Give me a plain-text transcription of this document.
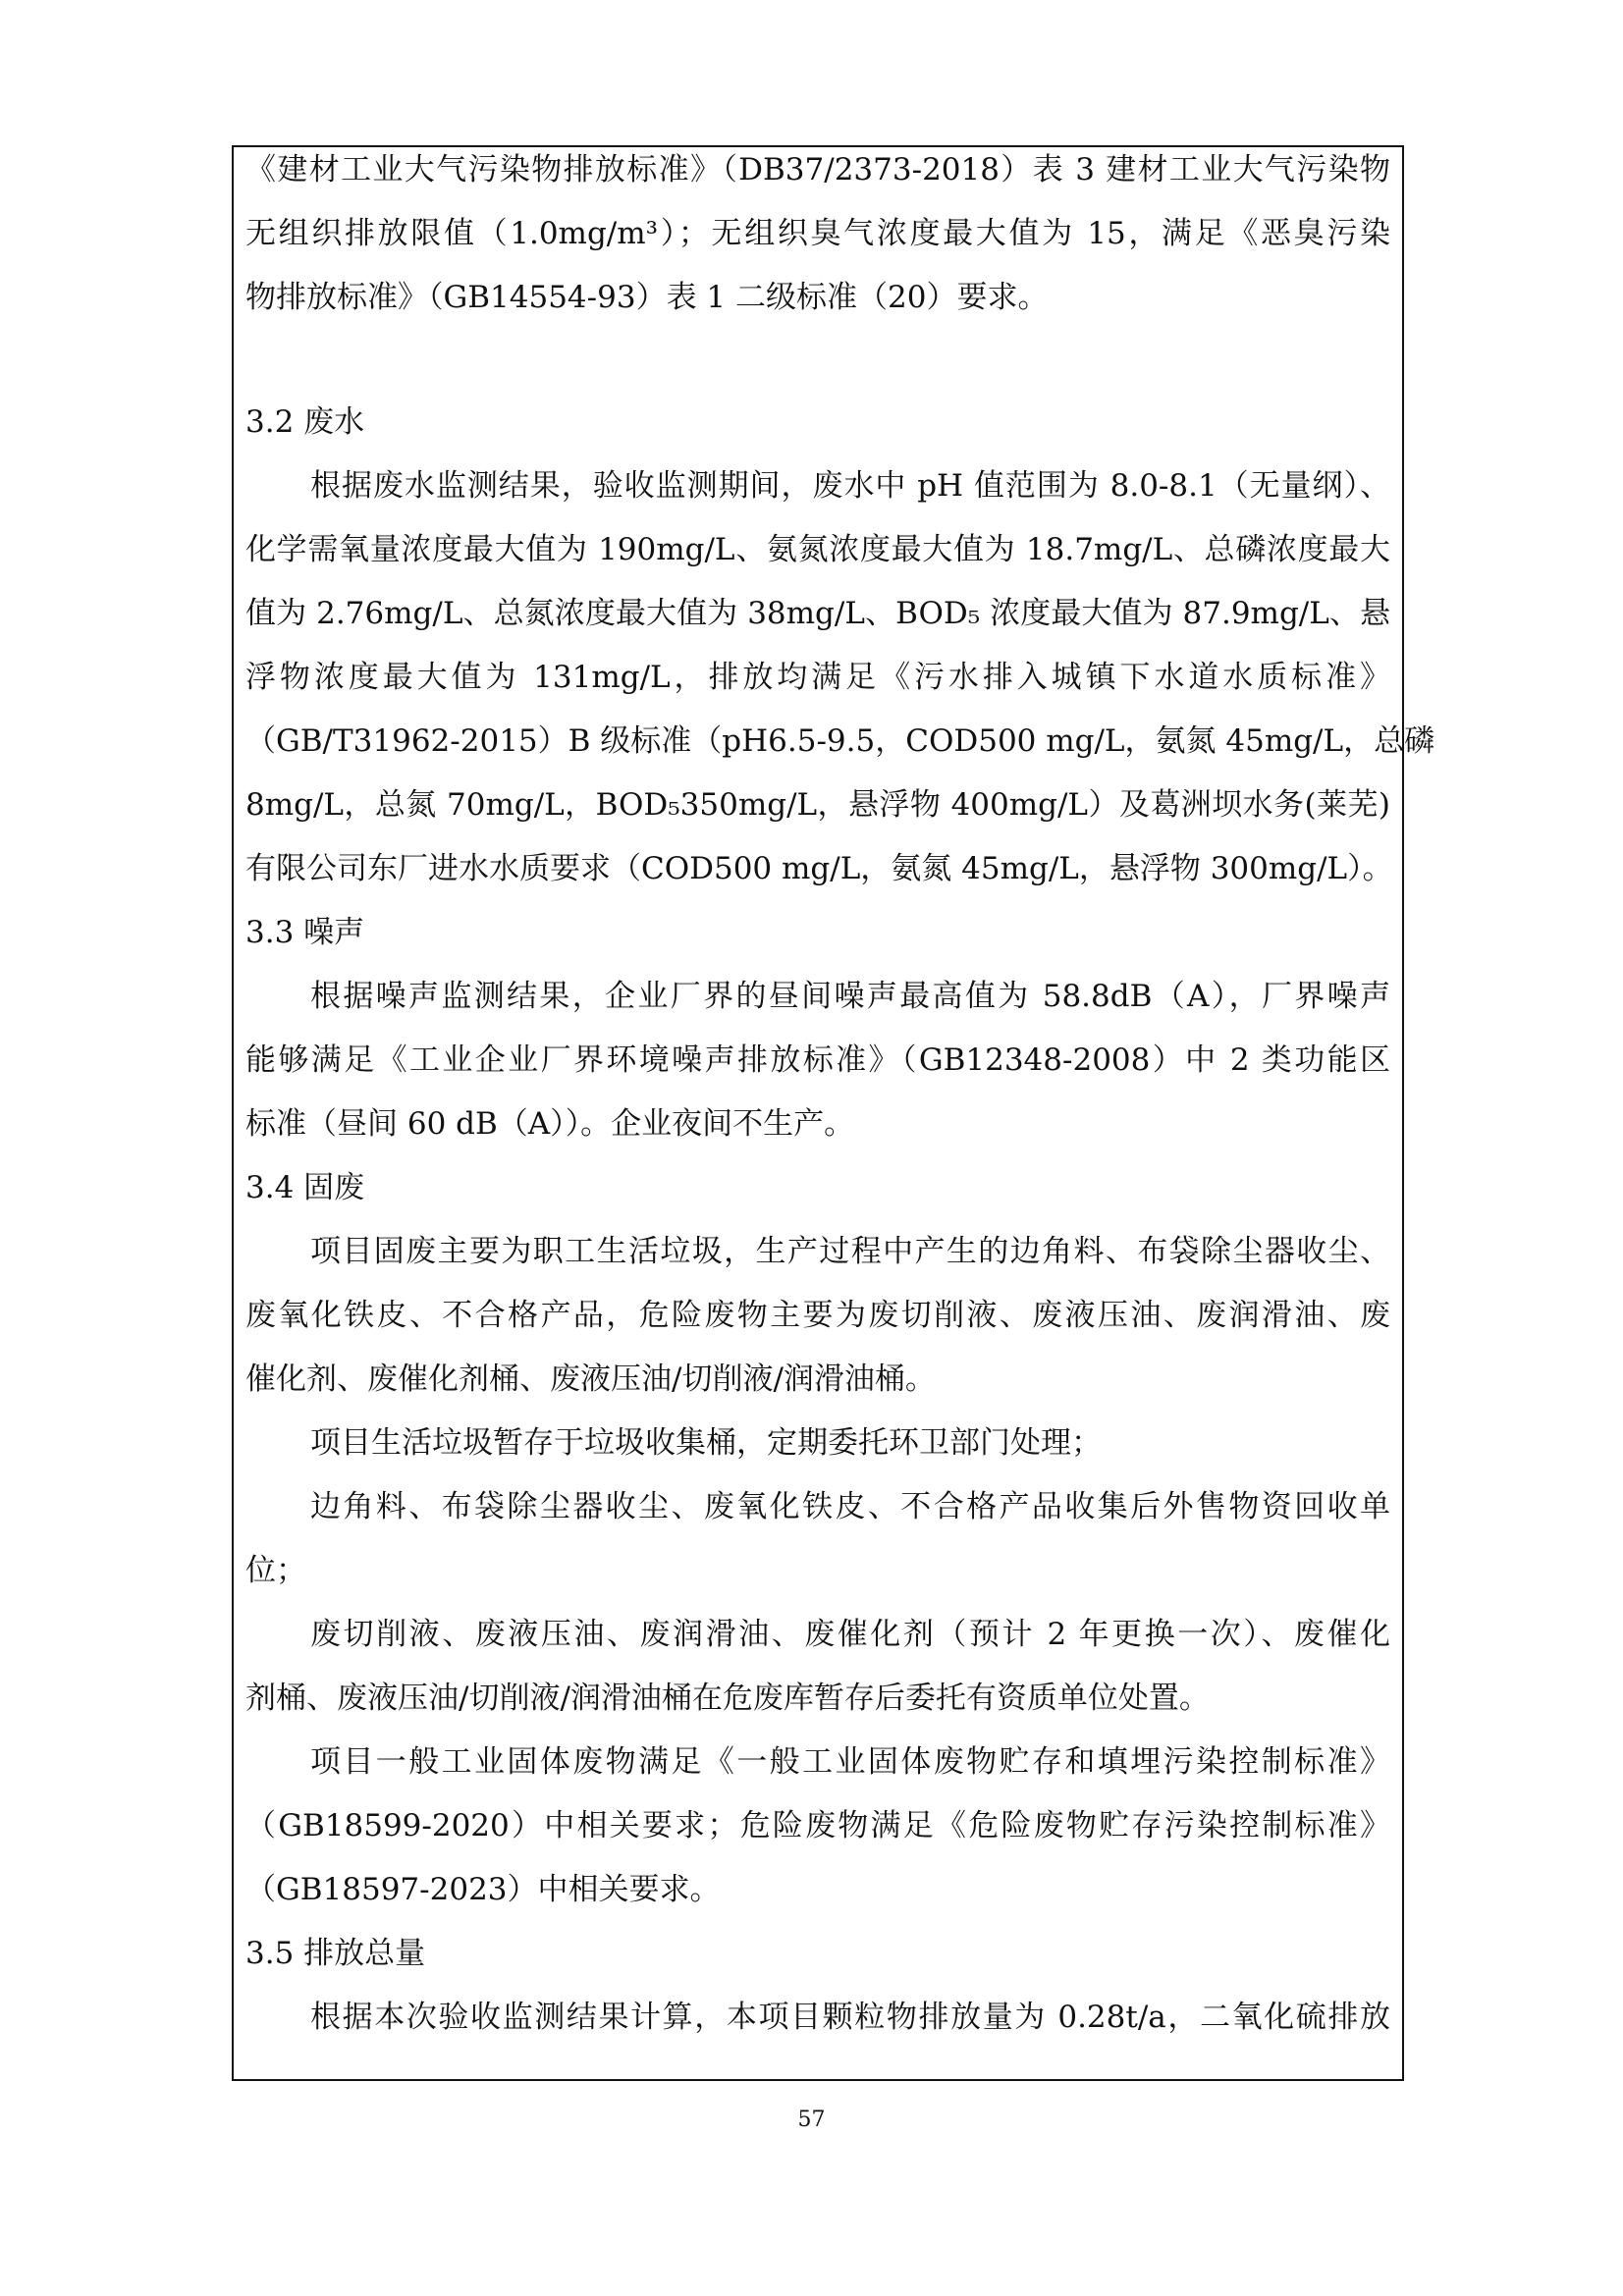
《建材工业大气污染物排放标准》（DB37/2373-2018）表 3 建材工业大气污染物
无组织排放限值（1.0mg/m³）；无组织臭气浓度最大值为 15，满足《恶臭污染
物排放标准》（GB14554-93）表 1 二级标准（20）要求。
3.2 废水
根据废水监测结果，验收监测期间，废水中 pH 值范围为 8.0-8.1（无量纲）、
化学需氧量浓度最大值为 190mg/L、氨氮浓度最大值为 18.7mg/L、总磷浓度最大
值为 2.76mg/L、总氮浓度最大值为 38mg/L、BOD₅ 浓度最大值为 87.9mg/L、悬
浮物浓度最大值为 131mg/L，排放均满足《污水排入城镇下水道水质标准》
（GB/T31962-2015）B 级标准（pH6.5-9.5，COD500 mg/L，氨氮 45mg/L，总磷
8mg/L，总氮 70mg/L，BOD₅350mg/L，悬浮物 400mg/L）及葛洲坝水务(莱芜)
有限公司东厂进水水质要求（COD500 mg/L，氨氮 45mg/L，悬浮物 300mg/L）。
3.3 噪声
根据噪声监测结果，企业厂界的昼间噪声最高值为 58.8dB（A），厂界噪声
能够满足《工业企业厂界环境噪声排放标准》（GB12348-2008）中 2 类功能区
标准（昼间 60 dB（A））。企业夜间不生产。
3.4 固废
项目固废主要为职工生活垃圾，生产过程中产生的边角料、布袋除尘器收尘、
废氧化铁皮、不合格产品，危险废物主要为废切削液、废液压油、废润滑油、废
催化剂、废催化剂桶、废液压油/切削液/润滑油桶。
项目生活垃圾暂存于垃圾收集桶，定期委托环卫部门处理；
边角料、布袋除尘器收尘、废氧化铁皮、不合格产品收集后外售物资回收单
位；
废切削液、废液压油、废润滑油、废催化剂（预计 2 年更换一次）、废催化
剂桶、废液压油/切削液/润滑油桶在危废库暂存后委托有资质单位处置。
项目一般工业固体废物满足《一般工业固体废物贮存和填埋污染控制标准》
（GB18599-2020）中相关要求；危险废物满足《危险废物贮存污染控制标准》
（GB18597-2023）中相关要求。
3.5 排放总量
根据本次验收监测结果计算，本项目颗粒物排放量为 0.28t/a，二氧化硫排放
57
